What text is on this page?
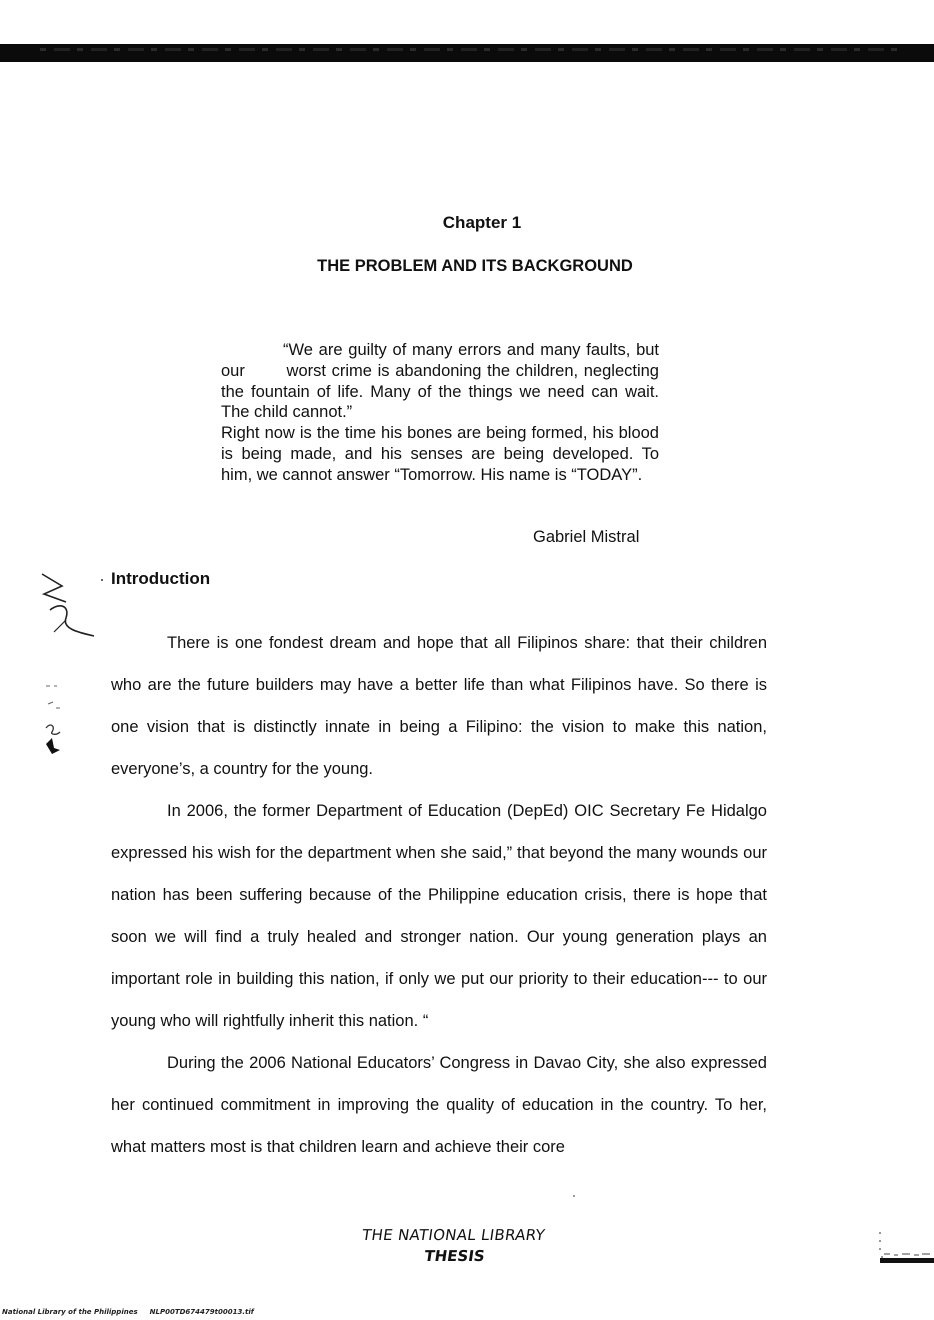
Chapter 1
THE PROBLEM AND ITS BACKGROUND

“We are guilty of many errors and many faults, but our	worst crime is abandoning the children, neglecting the fountain of life. Many of the things we need can wait. The child cannot.”

Right now is the time his bones are being formed, his blood is being made, and his senses are being developed. To him, we cannot answer “Tomorrow. His name is “TODAY”.

Gabriel Mistral
Introduction

There is one fondest dream and hope that all Filipinos share: that their children who are the future builders may have a better life than what Filipinos have. So there is one vision that is distinctly innate in being a Filipino: the vision to make this nation, everyone’s, a country for the young.

In 2006, the former Department of Education (DepEd) OIC Secretary Fe Hidalgo expressed his wish for the department when she said,” that beyond the many wounds our nation has been suffering because of the Philippine education crisis, there is hope that soon we will find a truly healed and stronger nation. Our young generation plays an important role in building this nation, if only we put our priority to their education--- to our young who will rightfully inherit this nation. “

During the 2006 National Educators’ Congress in Davao City, she also expressed her continued commitment in improving the quality of education in the country. To her, what matters most is that children learn and achieve their core

THE NATIONAL LIBRARY
THESIS
National Library of the Philippines NLP00TD674479t00013.tif
